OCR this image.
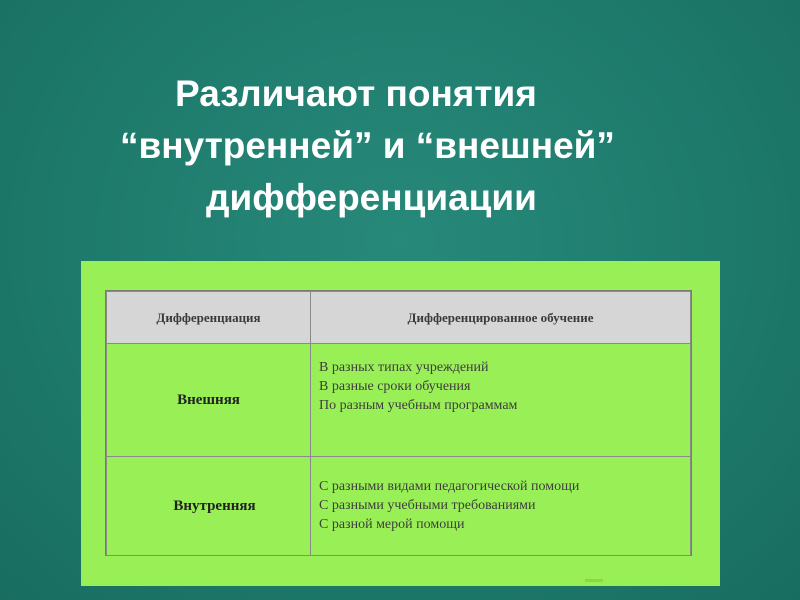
Различают понятия
“внутренней” и “внешней”
дифференциации
Дифференциация	Дифференцированное обучение
Внешняя	В разных типах учреждений
В разные сроки обучения
По разным учебным программам

Внутренняя	С разными видами педагогической помощи
С разными учебными требованиями
С разной мерой помощи
